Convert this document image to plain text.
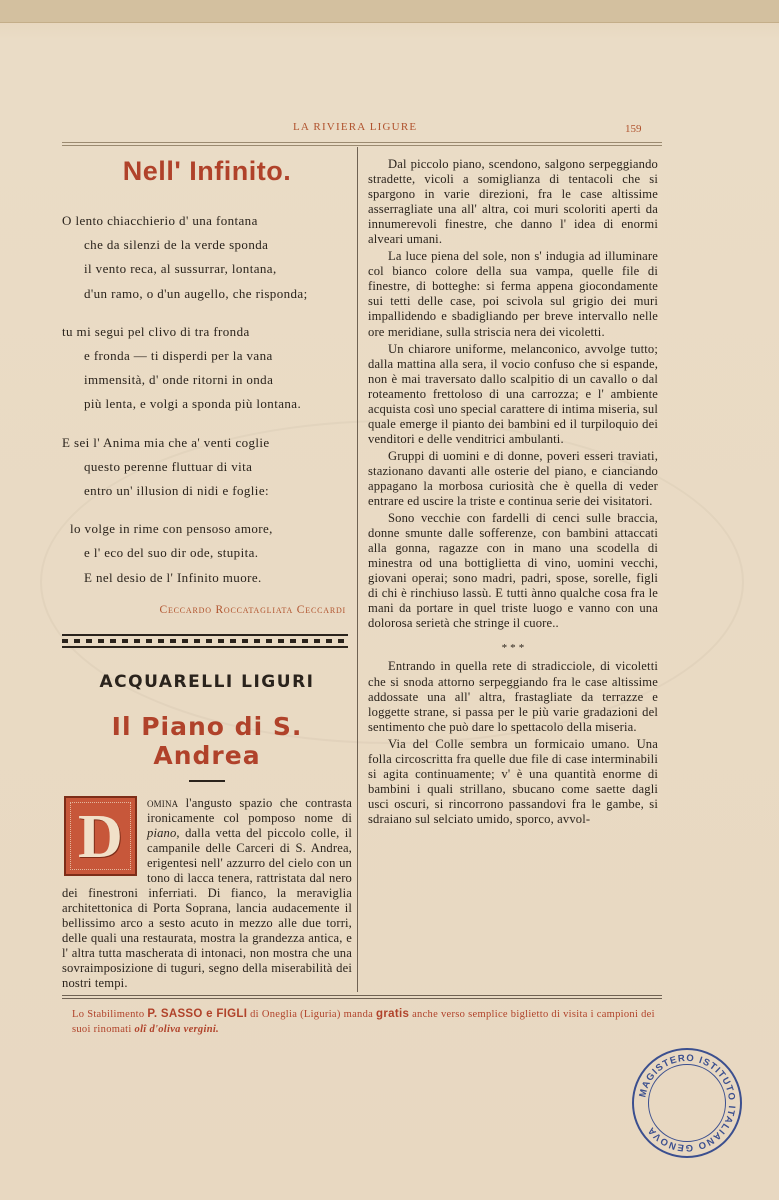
LA RIVIERA LIGURE	159
Nell' Infinito.
O lento chiacchierio d' una fontana
che da silenzi de la verde sponda
il vento reca, al sussurrar, lontana,
d'un ramo, o d'un augello, che risponda;
tu mi segui pel clivo di tra fronda
e fronda — ti disperdi per la vana
immensità, d' onde ritorni in onda
più lenta, e volgi a sponda più lontana.
E sei l' Anima mia che a' venti coglie
questo perenne fluttuar di vita
entro un' illusion di nidi e foglie:
lo volge in rime con pensoso amore,
e l' eco del suo dir ode, stupita.
E nel desio de l' Infinito muore.
Ceccardo Roccatagliata Ceccardi
ACQUARELLI LIGURI
Il Piano di S. Andrea

D	omina l'angusto spazio che contrasta ironicamente col pomposo nome di piano, dalla vetta del piccolo colle, il campanile delle Carceri di S. Andrea, erigentesi nell' azzurro del cielo con un tono di lacca tenera, rattristata dal nero dei finestroni inferriati. Di fianco, la meraviglia architettonica di Porta Soprana, lancia audacemente il bellissimo arco a sesto acuto in mezzo alle due torri, delle quali una restaurata, mostra la grandezza antica, e l' altra tutta mascherata di intonaci, non mostra che una sovraimposizione di tuguri, segno della miserabilità dei nostri tempi.

Dal piccolo piano, scendono, salgono serpeggiando stradette, vicoli a somiglianza di tentacoli che si spargono in varie direzioni, fra le case altissime asserragliate una all' altra, coi muri scoloriti aperti da innumerevoli finestre, che danno l' idea di enormi alveari umani.

La luce piena del sole, non s' indugia ad illuminare col bianco colore della sua vampa, quelle file di finestre, di botteghe: si ferma appena giocondamente sui tetti delle case, poi scivola sul grigio dei muri impallidendo e sbadigliando per breve intervallo nelle ore meridiane, sulla striscia nera dei vicoletti.

Un chiarore uniforme, melanconico, avvolge tutto; dalla mattina alla sera, il vocio confuso che si espande, non è mai traversato dallo scalpitio di un cavallo o dal roteamento frettoloso di una carrozza; e l' ambiente acquista così uno special carattere di intima miseria, sul quale emerge il pianto dei bambini ed il turpiloquio dei venditori e delle venditrici ambulanti.

Gruppi di uomini e di donne, poveri esseri traviati, stazionano davanti alle osterie del piano, e cianciando appagano la morbosa curiosità che è quella di veder entrare ed uscire la triste e continua serie dei visitatori.

Sono vecchie con fardelli di cenci sulle braccia, donne smunte dalle sofferenze, con bambini attaccati alla gonna, ragazze con in mano una scodella di minestra od una bottiglietta di vino, uomini vecchi, giovani operai; sono madri, padri, spose, sorelle, figli di chi è rinchiuso lassù. E tutti ànno qualche cosa fra le mani da portare in quel triste luogo e vanno con una dolorosa serietà che stringe il cuore..

* * *

Entrando in quella rete di stradicciole, di vicoletti che si snoda attorno serpeggiando fra le case altissime addossate una all' altra, frastagliate da terrazze e loggette strane, si passa per le più varie gradazioni del sentimento che può dare lo spettacolo della miseria.

Via del Colle sembra un formicaio umano. Una folla circoscritta fra quelle due file di case interminabili si agita continuamente; v' è una quantità enorme di bambini i quali strillano, sbucano come saette dagli usci oscuri, si rincorrono passandovi fra le gambe, si sdraiano sul selciato umido, sporco, avvol-

Lo Stabilimento P. SASSO e FIGLI di Oneglia (Liguria) manda gratis anche verso semplice biglietto di visita i campioni dei suoi rinomati olî d'oliva vergini.
MAGISTERO ISTITUTO ITALIANO GENOVA
